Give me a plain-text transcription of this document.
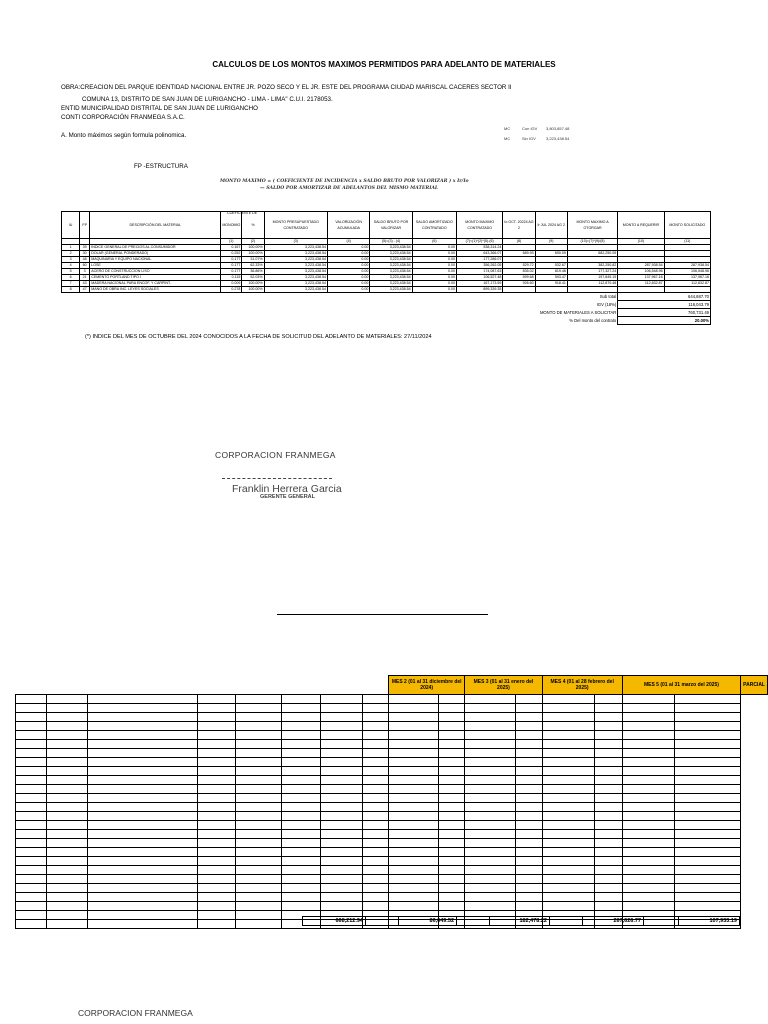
CALCULOS DE LOS MONTOS MAXIMOS PERMITIDOS PARA ADELANTO DE MATERIALES
OBRA:CREACION DEL PARQUE IDENTIDAD NACIONAL ENTRE JR. POZO SECO Y EL JR. ESTE DEL PROGRAMA CIUDAD MARISCAL CACERES SECTOR II
COMUNA 13, DISTRITO DE SAN JUAN DE LURIGANCHO - LIMA - LIMA" C.U.I. 2178053.
ENTID MUNICIPALIDAD DISTRITAL DE SAN JUAN DE LURIGANCHO
CONTI CORPORACIÓN FRANMEGA S.A.C.
A. Monto máximos según formula polinomica.
MC	Con IGV 3,803,857.48
MC	Sin IGV	3,223,438.54
FP -ESTRUCTURA
MONTO MAXIMO = ( COEFICIENTE DE INCIDENCIA x SALDO BRUTO POR VALORIZAR ) x Ir/Io
— SALDO POR AMORTIZAR DE ADELANTOS DEL MISMO MATERIAL
IU	FP	DESCRIPCIÓN DEL MATERIAL	MONOMIO	%	MONTO PRESUPUESTADO CONTRATADO	VALORIZACIÓN ACUMULADA	SALDO BRUTO POR VALORIZAR	SALDO AMORTIZADO CONTRATADO	MONTO MAXIMO CONTRATADO	Io OCT. 20224 AG 2	Ir JUL 2024 AG 2	MONTO MAXIMO A OTORGAR	MONTO A REQUERIR	MONTO SOLICITADO
			(1)	(2)	(3)	(4)	(5)=(3) - (4)	(6)	(7)=(1)*(2)*(5)-(6)	(8)	(9)	(10)=(7)*(9)/(8)	(10)	(11)
1	39	INDICE GENERAL DE PRECIOS AL CONSUMIDOR	0.167	100.00%	3,223,438.54	0.00	3,223,438.54	0.00	538,314.24					
2	30	DOLAR (GENERAL PONDERADO)	0.252	100.00%	3,223,438.54	0.00	3,223,438.54	0.00	643,366.07	689.93	690.09	682,250.05		
3	48	MAQUINARIA Y EQUIPO NACIONAL	0.177	31.07%	3,223,438.54	0.00	3,223,438.54	0.00	177,286.07					
4	60	LOSE	0.177	62.33%	3,223,438.54	0.00	3,223,438.54	0.00	356,262.05	529.72	532.67	382,250.82	287,938.54	287,938.54
5	3	ACERO DE CONSTRUCCION LISO	0.177	36.86%	3,223,438.54	0.00	3,223,438.54	0.00	174,087.63	835.02	819.46	177,327.24	106,548.96	106,548.96
6	21	CEMENTO PORTLAND TIPO I	0.115	52.03%	3,223,438.54	0.00	3,223,438.54	0.00	106,527.48	599.68	593.47	197,849.15	137,967.16	137,967.16
7	43	MADERA NACIONAL PARA ENCOF. Y CARPINT.	0.009	100.00%	3,223,438.54	0.00	3,223,438.54	0.00	167,173.59	926.60	918.41	112,870.48	112,832.87	112,832.87
8	47	MANO DE OBRA INC. LEYES SOCIALES	0.278	100.00%	3,223,438.54	0.00	3,223,438.54	0.00	899,339.35					
Sub total													644,687.70	
IGV (18%)													116,043.79	
MONTO DE MATERIALES A SOLICITAR													760,731.49	
% Del monto del contrato													20.00%	
(*) INDICE DEL MES DE OCTUBRE DEL 2024 CONOCIDOS A LA FECHA DE SOLICITUD DEL ADELANTO DE MATERIALES: 27/11/2024
CORPORACION FRANMEGA
Franklin Herrera Garcia
GERENTE GENERAL
								MES 2 (01 al 31 diciembre del 2024)		MES 3 (01 al 31 enero del 2025)		MES 4 (01 al 28 febrero del 2025)		MES 5 (01 al 31 marzo del 2025)		PARCIAL

668,212.94		86,649.52		182,478.22		267,626.77		107,933.19
CORPORACION FRANMEGA
COEFICIENTE DE
